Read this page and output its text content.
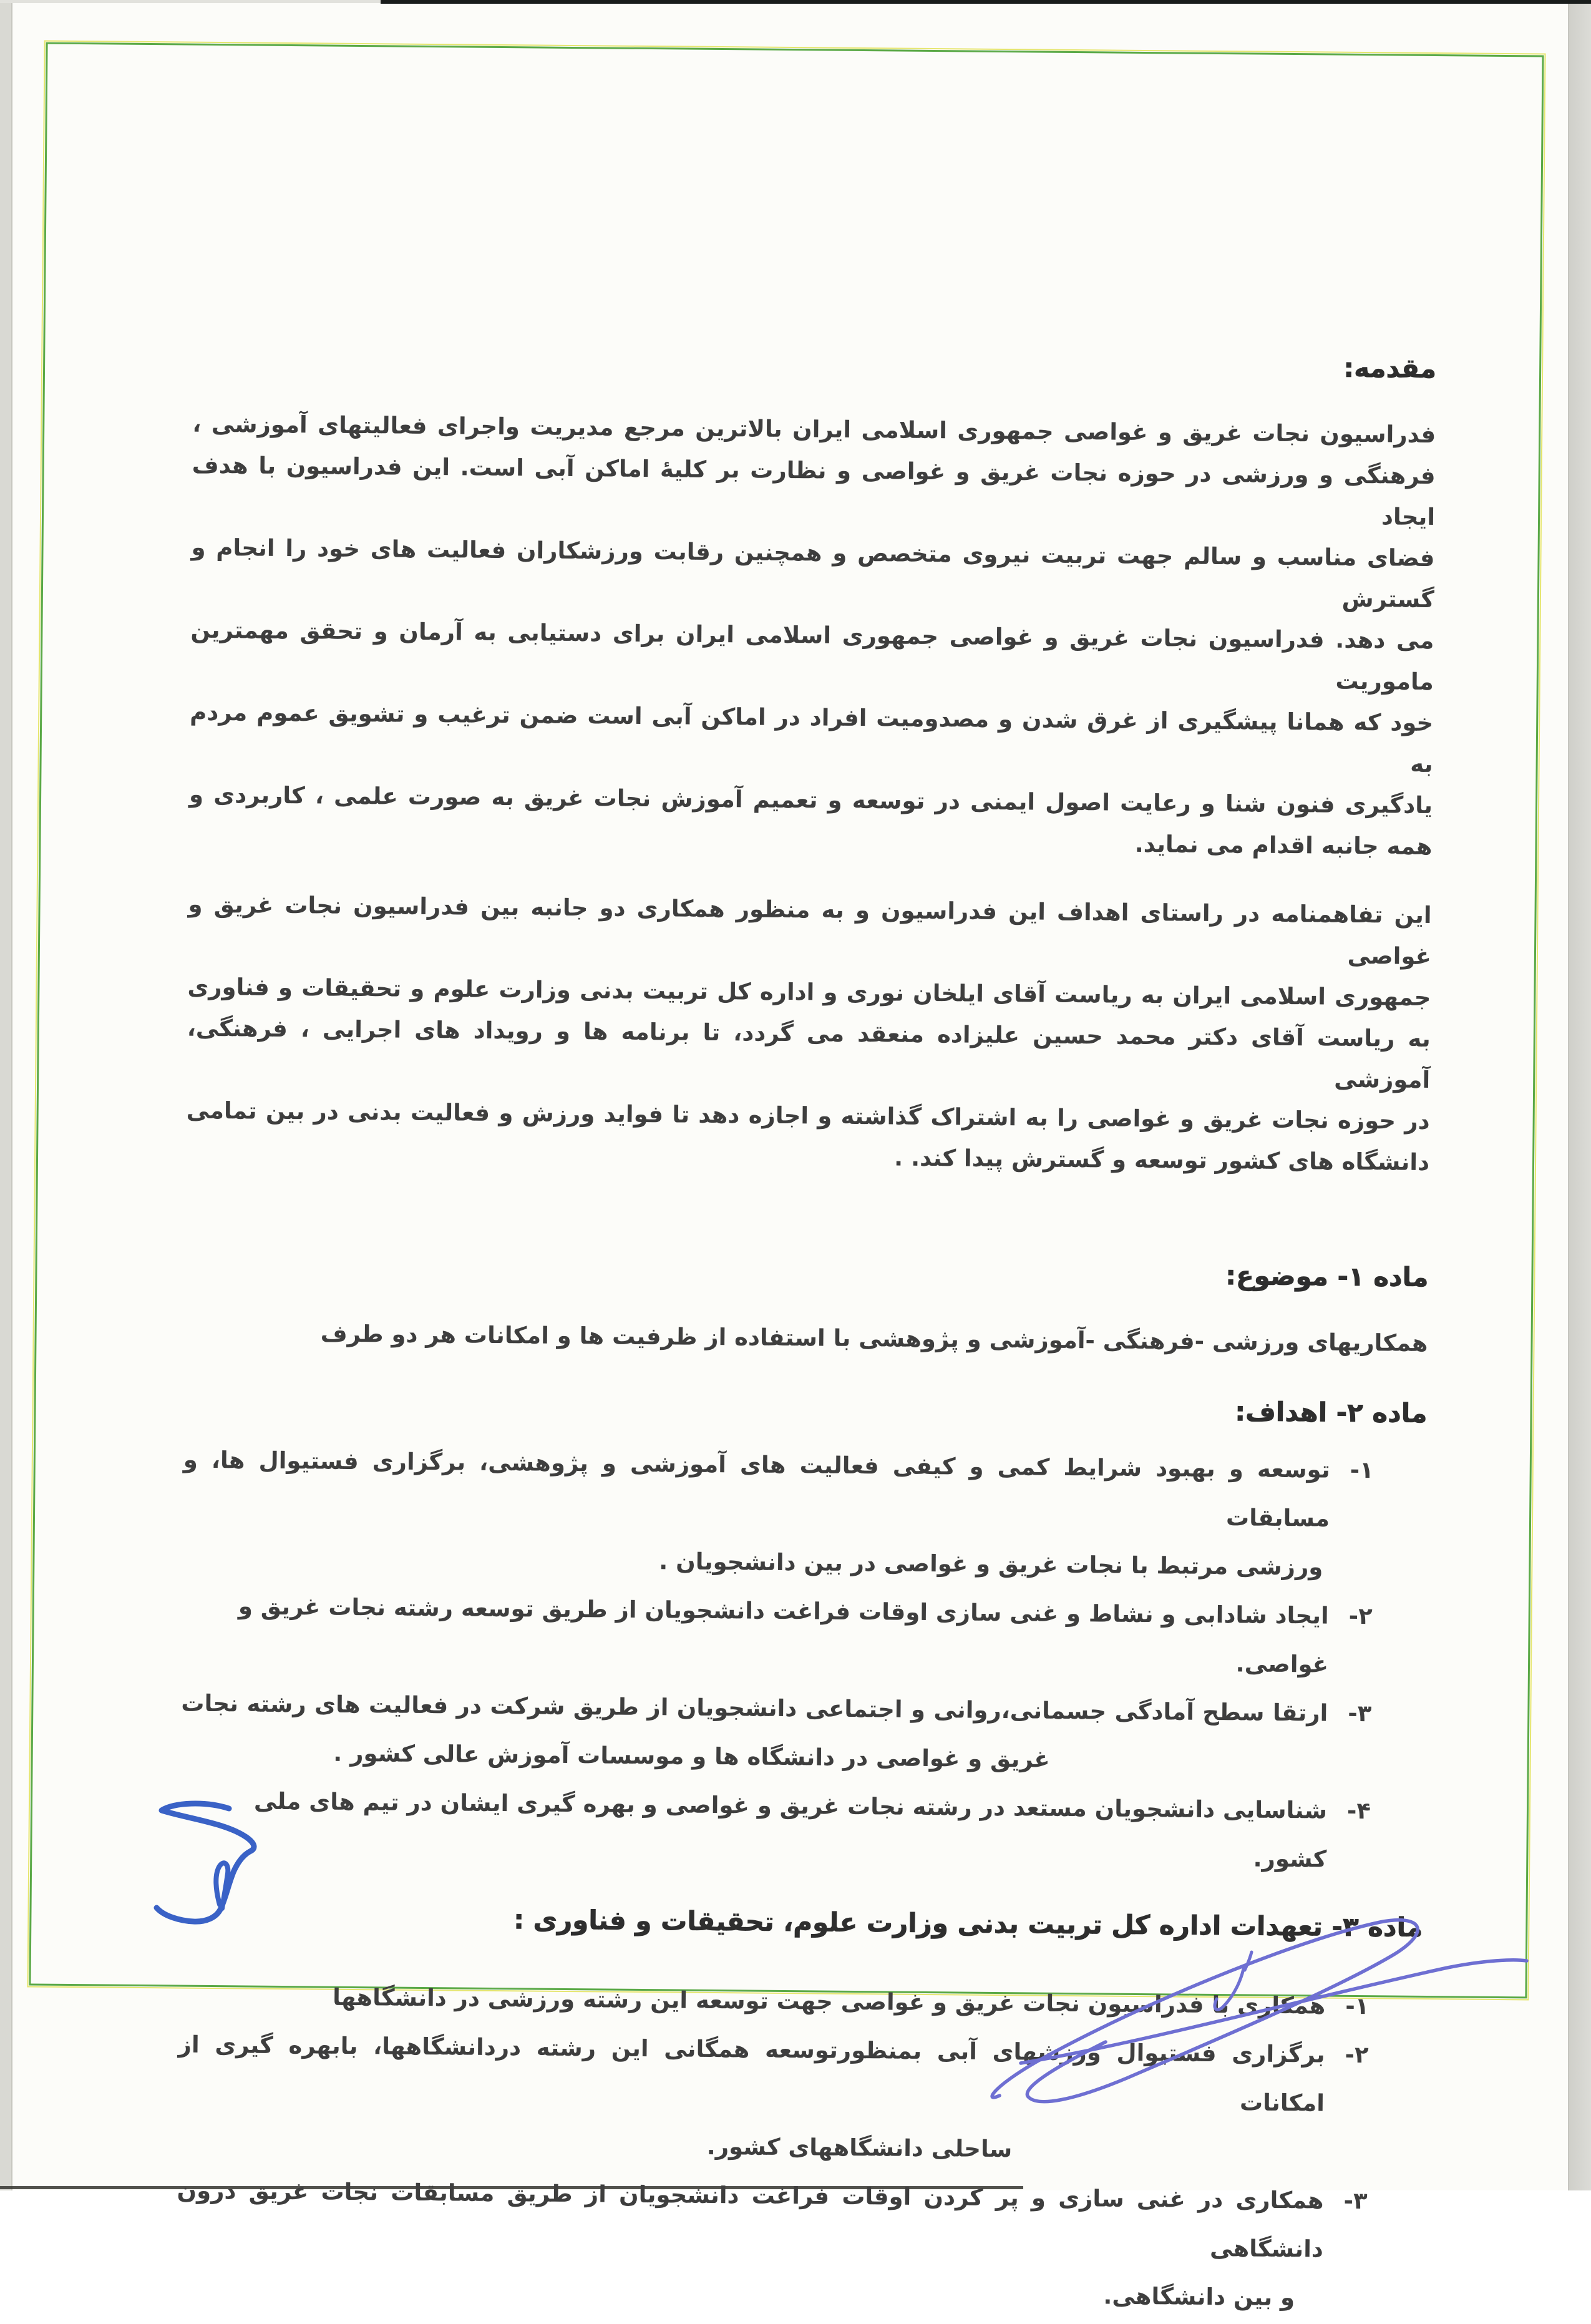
مقدمه:
فدراسیون نجات غریق و غواصی جمهوری اسلامی ایران بالاترین مرجع مدیریت واجرای فعالیتهای آموزشی ،
فرهنگی و ورزشی در حوزه نجات غریق و غواصی و نظارت بر کلیهٔ اماکن آبی است. این فدراسیون با هدف ایجاد
فضای مناسب و سالم جهت تربیت نیروی متخصص و همچنین رقابت ورزشکاران فعالیت های خود را انجام و گسترش
می دهد. فدراسیون نجات غریق و غواصی جمهوری اسلامی ایران برای دستیابی به آرمان و تحقق مهمترین ماموریت
خود که همانا پیشگیری از غرق شدن و مصدومیت افراد در اماکن آبی است ضمن ترغیب و تشویق عموم مردم به
یادگیری فنون شنا و رعایت اصول ایمنی در توسعه و تعمیم آموزش نجات غریق به صورت علمی ، کاربردی و
همه جانبه اقدام می نماید.
این تفاهمنامه در راستای اهداف این فدراسیون و به منظور همکاری دو جانبه بین فدراسیون نجات غریق و غواصی
جمهوری اسلامی ایران به ریاست آقای ایلخان نوری و اداره کل تربیت بدنی وزارت علوم و تحقیقات و فناوری
به ریاست آقای دکتر محمد حسین علیزاده منعقد می گردد، تا برنامه ها و رویداد های اجرایی ، فرهنگی، آموزشی
در حوزه نجات غریق و غواصی را به اشتراک گذاشته و اجازه دهد تا فواید ورزش و فعالیت بدنی در بین تمامی
دانشگاه های کشور توسعه و گسترش پیدا کند. .
ماده ۱- موضوع:
همکاریهای ورزشی -فرهنگی -آموزشی و پژوهشی با استفاده از ظرفیت ها و امکانات هر دو طرف
ماده ۲- اهداف:
۱-
توسعه و بهبود شرایط کمی و کیفی فعالیت های آموزشی و پژوهشی، برگزاری فستیوال ها، و مسابقات
ورزشی مرتبط با نجات غریق و غواصی در بین دانشجویان .
۲-
ایجاد شادابی و نشاط و غنی سازی اوقات فراغت دانشجویان از طریق توسعه رشته نجات غریق و غواصی.
۳-
ارتقا سطح آمادگی جسمانی،روانی و اجتماعی دانشجویان از طریق شرکت در فعالیت های رشته نجات
غریق و غواصی در دانشگاه ها و موسسات آموزش عالی کشور .
۴-
شناسایی دانشجویان مستعد در رشته نجات غریق و غواصی و بهره گیری ایشان در تیم های ملی کشور.
ماده ۳- تعهدات اداره کل تربیت بدنی وزارت علوم، تحقیقات و فناوری :
۱-
همکاری با فدراسیون نجات غریق و غواصی جهت توسعه این رشته ورزشی در دانشگاهها
۲-
برگزاری فستیوال ورزشهای آبی بمنظورتوسعه همگانی این رشته دردانشگاهها، بابهره گیری از امکانات
ساحلی دانشگاههای کشور.
۳-
همکاری در غنی سازی و پر کردن اوقات فراغت دانشجویان از طریق مسابقات نجات غریق درون دانشگاهی
و بین دانشگاهی.
